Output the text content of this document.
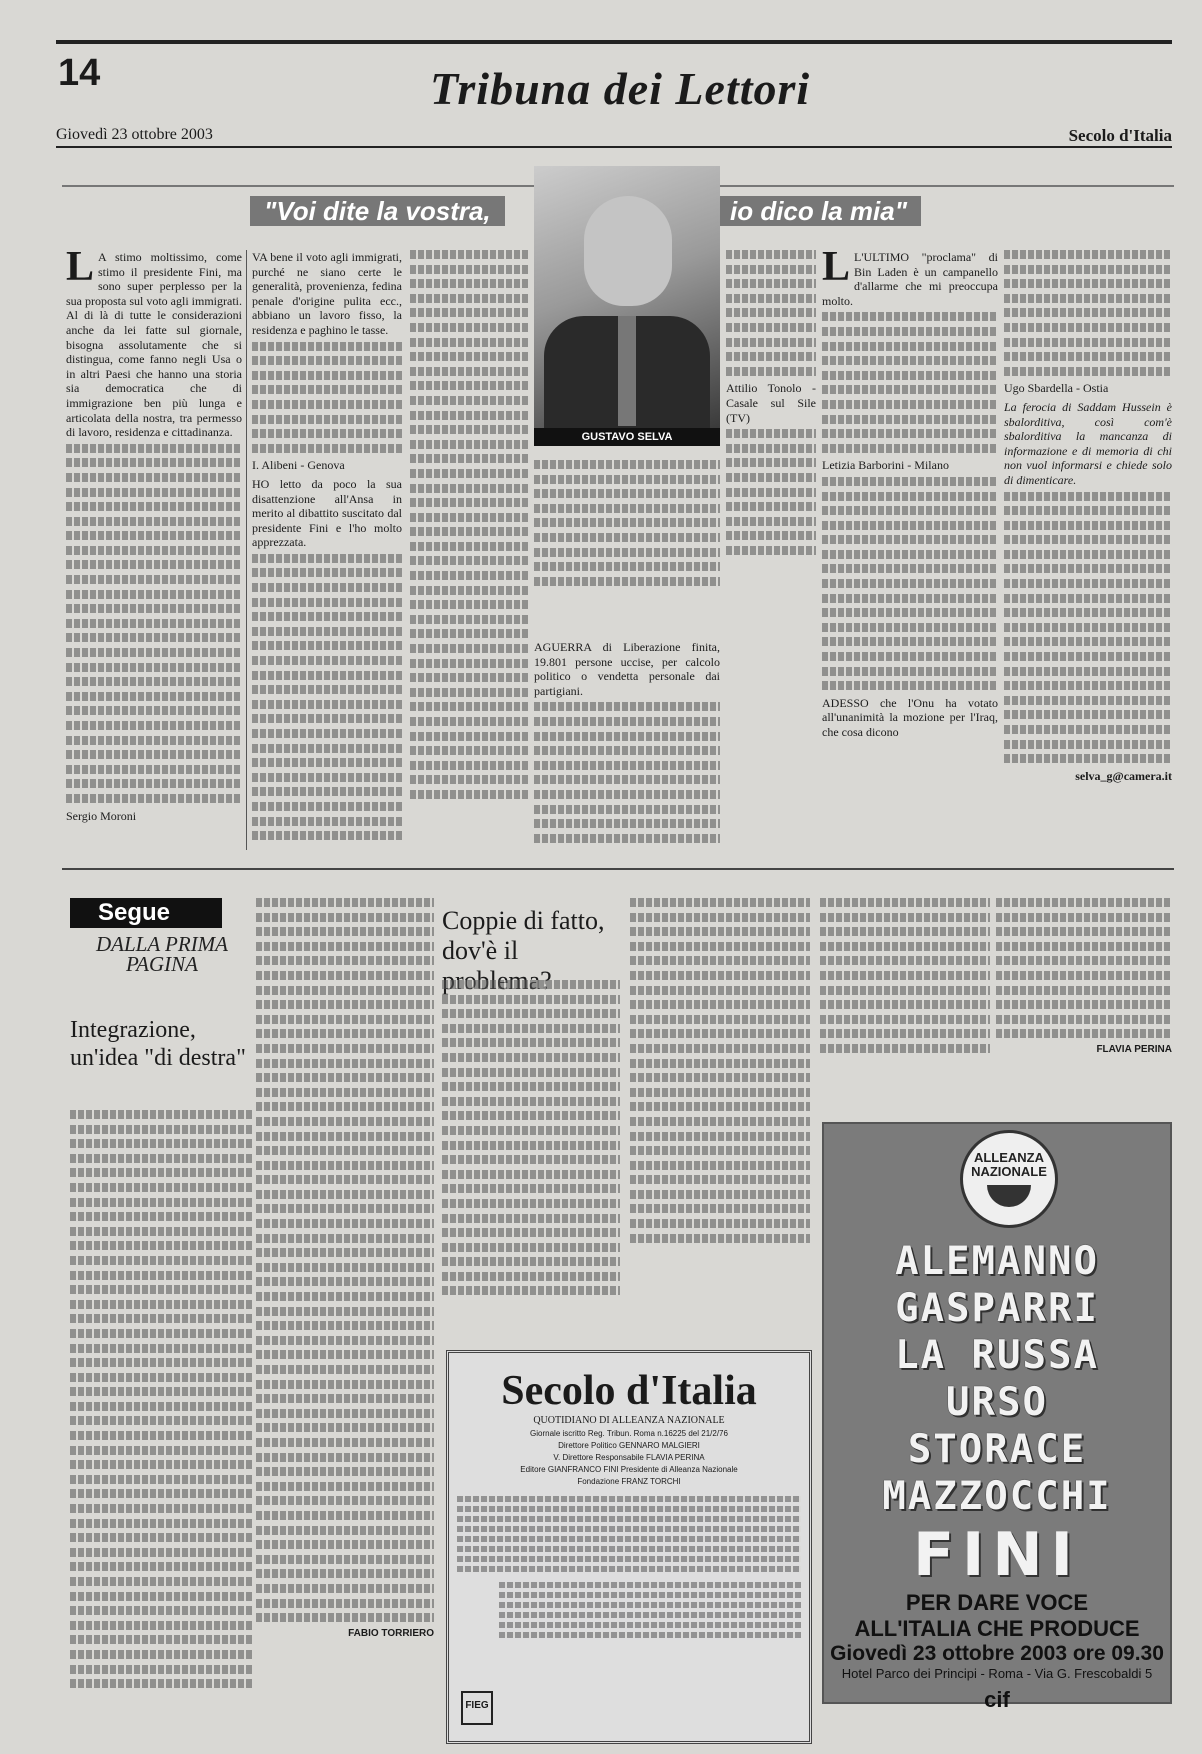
14	Tribuna dei Lettori
Giovedì 23 ottobre 2003	Secolo d'Italia
"Voi dite la vostra,	io dico la mia"
GUSTAVO SELVA

L A stimo moltissimo, come stimo il presidente Fini, ma sono super perplesso per la sua proposta sul voto agli immigrati. Al di là di tutte le considerazioni anche da lei fatte sul giornale, bisogna assolutamente che si distingua, come fanno negli Usa o in altri Paesi che hanno una storia sia democratica che di immigrazione ben più lunga e articolata della nostra, tra permesso di lavoro, residenza e cittadinanza.

Sergio Moroni

VA bene il voto agli immigrati, purché ne siano certe le generalità, provenienza, fedina penale d'origine pulita ecc., abbiano un lavoro fisso, la residenza e paghino le tasse.

I. Alibeni - Genova

HO letto da poco la sua disattenzione all'Ansa in merito al dibattito suscitato dal presidente Fini e l'ho molto apprezzata.

AGUERRA di Liberazione finita, 19.801 persone uccise, per calcolo politico o vendetta personale dai partigiani.

Attilio Tonolo - Casale sul Sile (TV)

L L'ULTIMO "proclama" di Bin Laden è un campanello d'allarme che mi preoccupa molto.

Letizia Barborini - Milano

ADESSO che l'Onu ha votato all'unanimità la mozione per l'Iraq, che cosa dicono

Ugo Sbardella - Ostia

La ferocia di Saddam Hussein è sbalorditiva, così com'è sbalorditiva la mancanza di informazione e di memoria di chi non vuol informarsi e chiede solo di dimenticare.

selva_g@camera.it

Segue
DALLA PRIMA PAGINA
Integrazione, un'idea "di destra"
FABIO TORRIERO
Coppie di fatto, dov'è il
FLAVIA PERINA
Secolo d'Italia
QUOTIDIANO DI ALLEANZA NAZIONALE
Giornale iscritto Reg. Tribun. Roma n.16225 del 21/2/76
Direttore Politico GENNARO MALGIERI
V. Direttore Responsabile FLAVIA PERINA
Editore GIANFRANCO FINI Presidente di Alleanza Nazionale
Fondazione FRANZ TORCHI
FIEG
ALLEANZA NAZIONALE
ALEMANNO
GASPARRI
LA RUSSA
URSO
STORACE
MAZZOCCHI
FINI
PER DARE VOCE
ALL'ITALIA CHE PRODUCE
Giovedì 23 ottobre 2003 ore 09.30
Hotel Parco dei Principi - Roma - Via G. Frescobaldi 5
cif
